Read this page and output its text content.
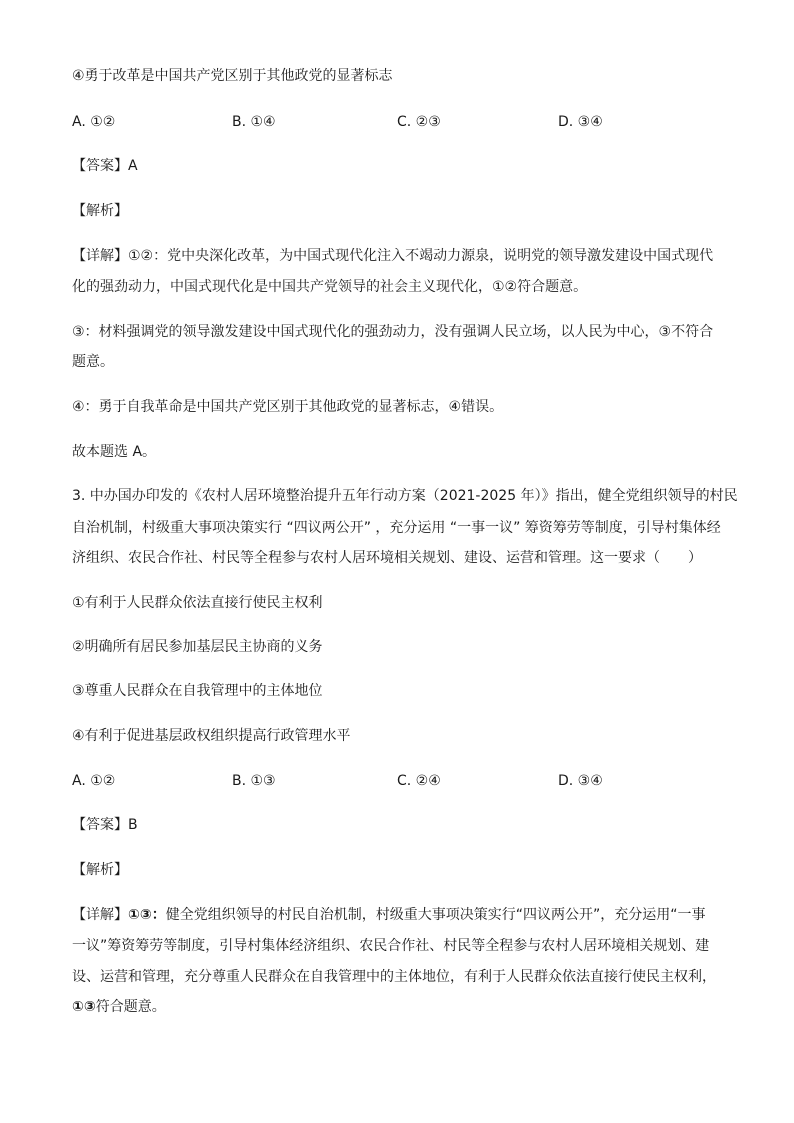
④勇于改革是中国共产党区别于其他政党的显著标志
A. ①②	B. ①④	C. ②③	D. ③④
【答案】A
【解析】
【详解】①②：党中央深化改革，为中国式现代化注入不竭动力源泉，说明党的领导激发建设中国式现代
化的强劲动力，中国式现代化是中国共产党领导的社会主义现代化，①②符合题意。
③：材料强调党的领导激发建设中国式现代化的强劲动力，没有强调人民立场，以人民为中心，③不符合
题意。
④：勇于自我革命是中国共产党区别于其他政党的显著标志，④错误。
故本题选 A。
3. 中办国办印发的《农村人居环境整治提升五年行动方案（2021-2025 年）》指出，健全党组织领导的村民
自治机制，村级重大事项决策实行 “四议两公开” ，充分运用 “一事一议” 筹资筹劳等制度，引导村集体经
济组织、农民合作社、村民等全程参与农村人居环境相关规划、建设、运营和管理。这一要求（　　）
①有利于人民群众依法直接行使民主权利
②明确所有居民参加基层民主协商的义务
③尊重人民群众在自我管理中的主体地位
④有利于促进基层政权组织提高行政管理水平
A. ①②	B. ①③	C. ②④	D. ③④
【答案】B
【解析】
【详解】①③：健全党组织领导的村民自治机制，村级重大事项决策实行“四议两公开”，充分运用“一事
一议”筹资筹劳等制度，引导村集体经济组织、农民合作社、村民等全程参与农村人居环境相关规划、建
设、运营和管理，充分尊重人民群众在自我管理中的主体地位，有利于人民群众依法直接行使民主权利，
①③符合题意。
